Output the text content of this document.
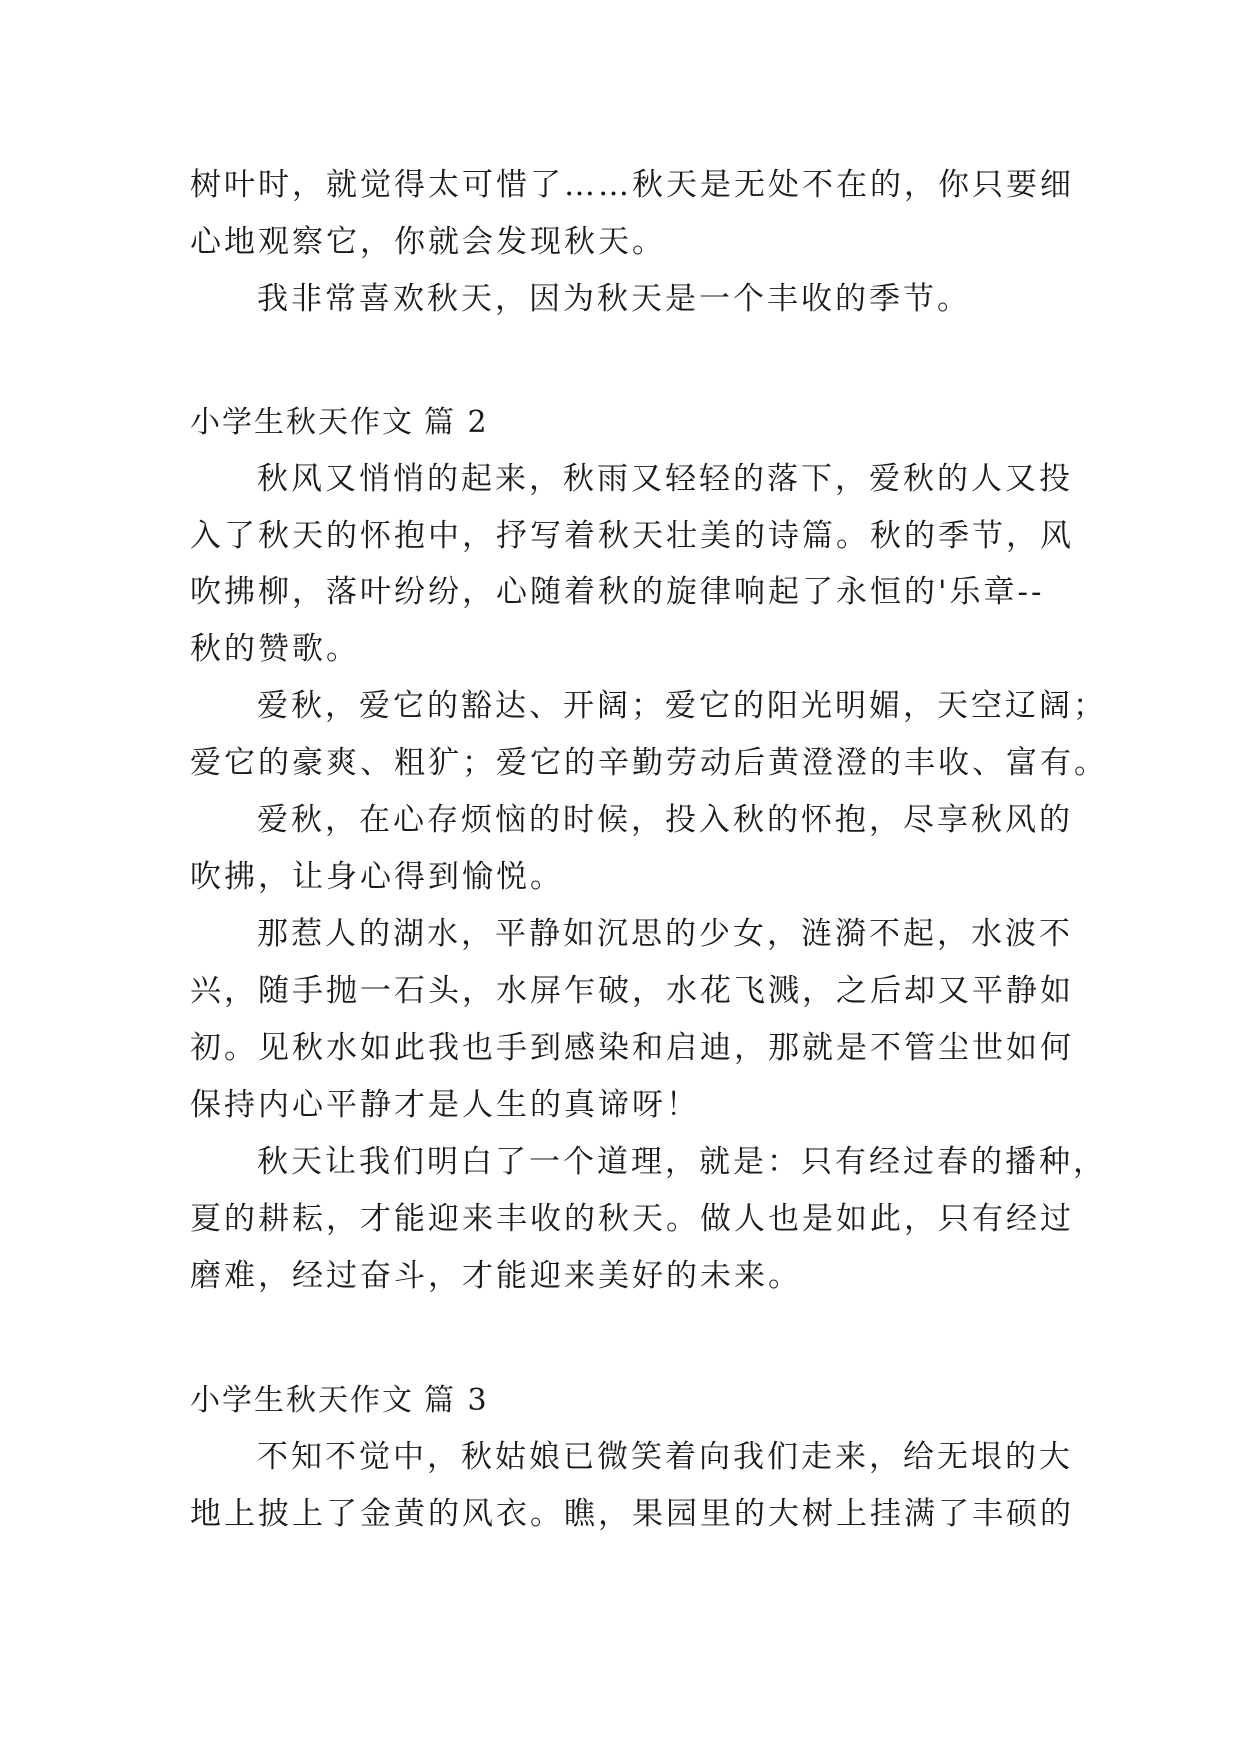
树叶时，就觉得太可惜了……秋天是无处不在的，你只要细
心地观察它，你就会发现秋天。
我非常喜欢秋天，因为秋天是一个丰收的季节。
小学生秋天作文 篇 2
秋风又悄悄的起来，秋雨又轻轻的落下，爱秋的人又投
入了秋天的怀抱中，抒写着秋天壮美的诗篇。秋的季节，风
吹拂柳，落叶纷纷，心随着秋的旋律响起了永恒的'乐章--
秋的赞歌。
爱秋，爱它的豁达、开阔；爱它的阳光明媚，天空辽阔；
爱它的豪爽、粗犷；爱它的辛勤劳动后黄澄澄的丰收、富有。
爱秋，在心存烦恼的时候，投入秋的怀抱，尽享秋风的
吹拂，让身心得到愉悦。
那惹人的湖水，平静如沉思的少女，涟漪不起，水波不
兴，随手抛一石头，水屏乍破，水花飞溅，之后却又平静如
初。见秋水如此我也手到感染和启迪，那就是不管尘世如何
保持内心平静才是人生的真谛呀！
秋天让我们明白了一个道理，就是：只有经过春的播种，
夏的耕耘，才能迎来丰收的秋天。做人也是如此，只有经过
磨难，经过奋斗，才能迎来美好的未来。
小学生秋天作文 篇 3
不知不觉中，秋姑娘已微笑着向我们走来，给无垠的大
地上披上了金黄的风衣。瞧，果园里的大树上挂满了丰硕的
